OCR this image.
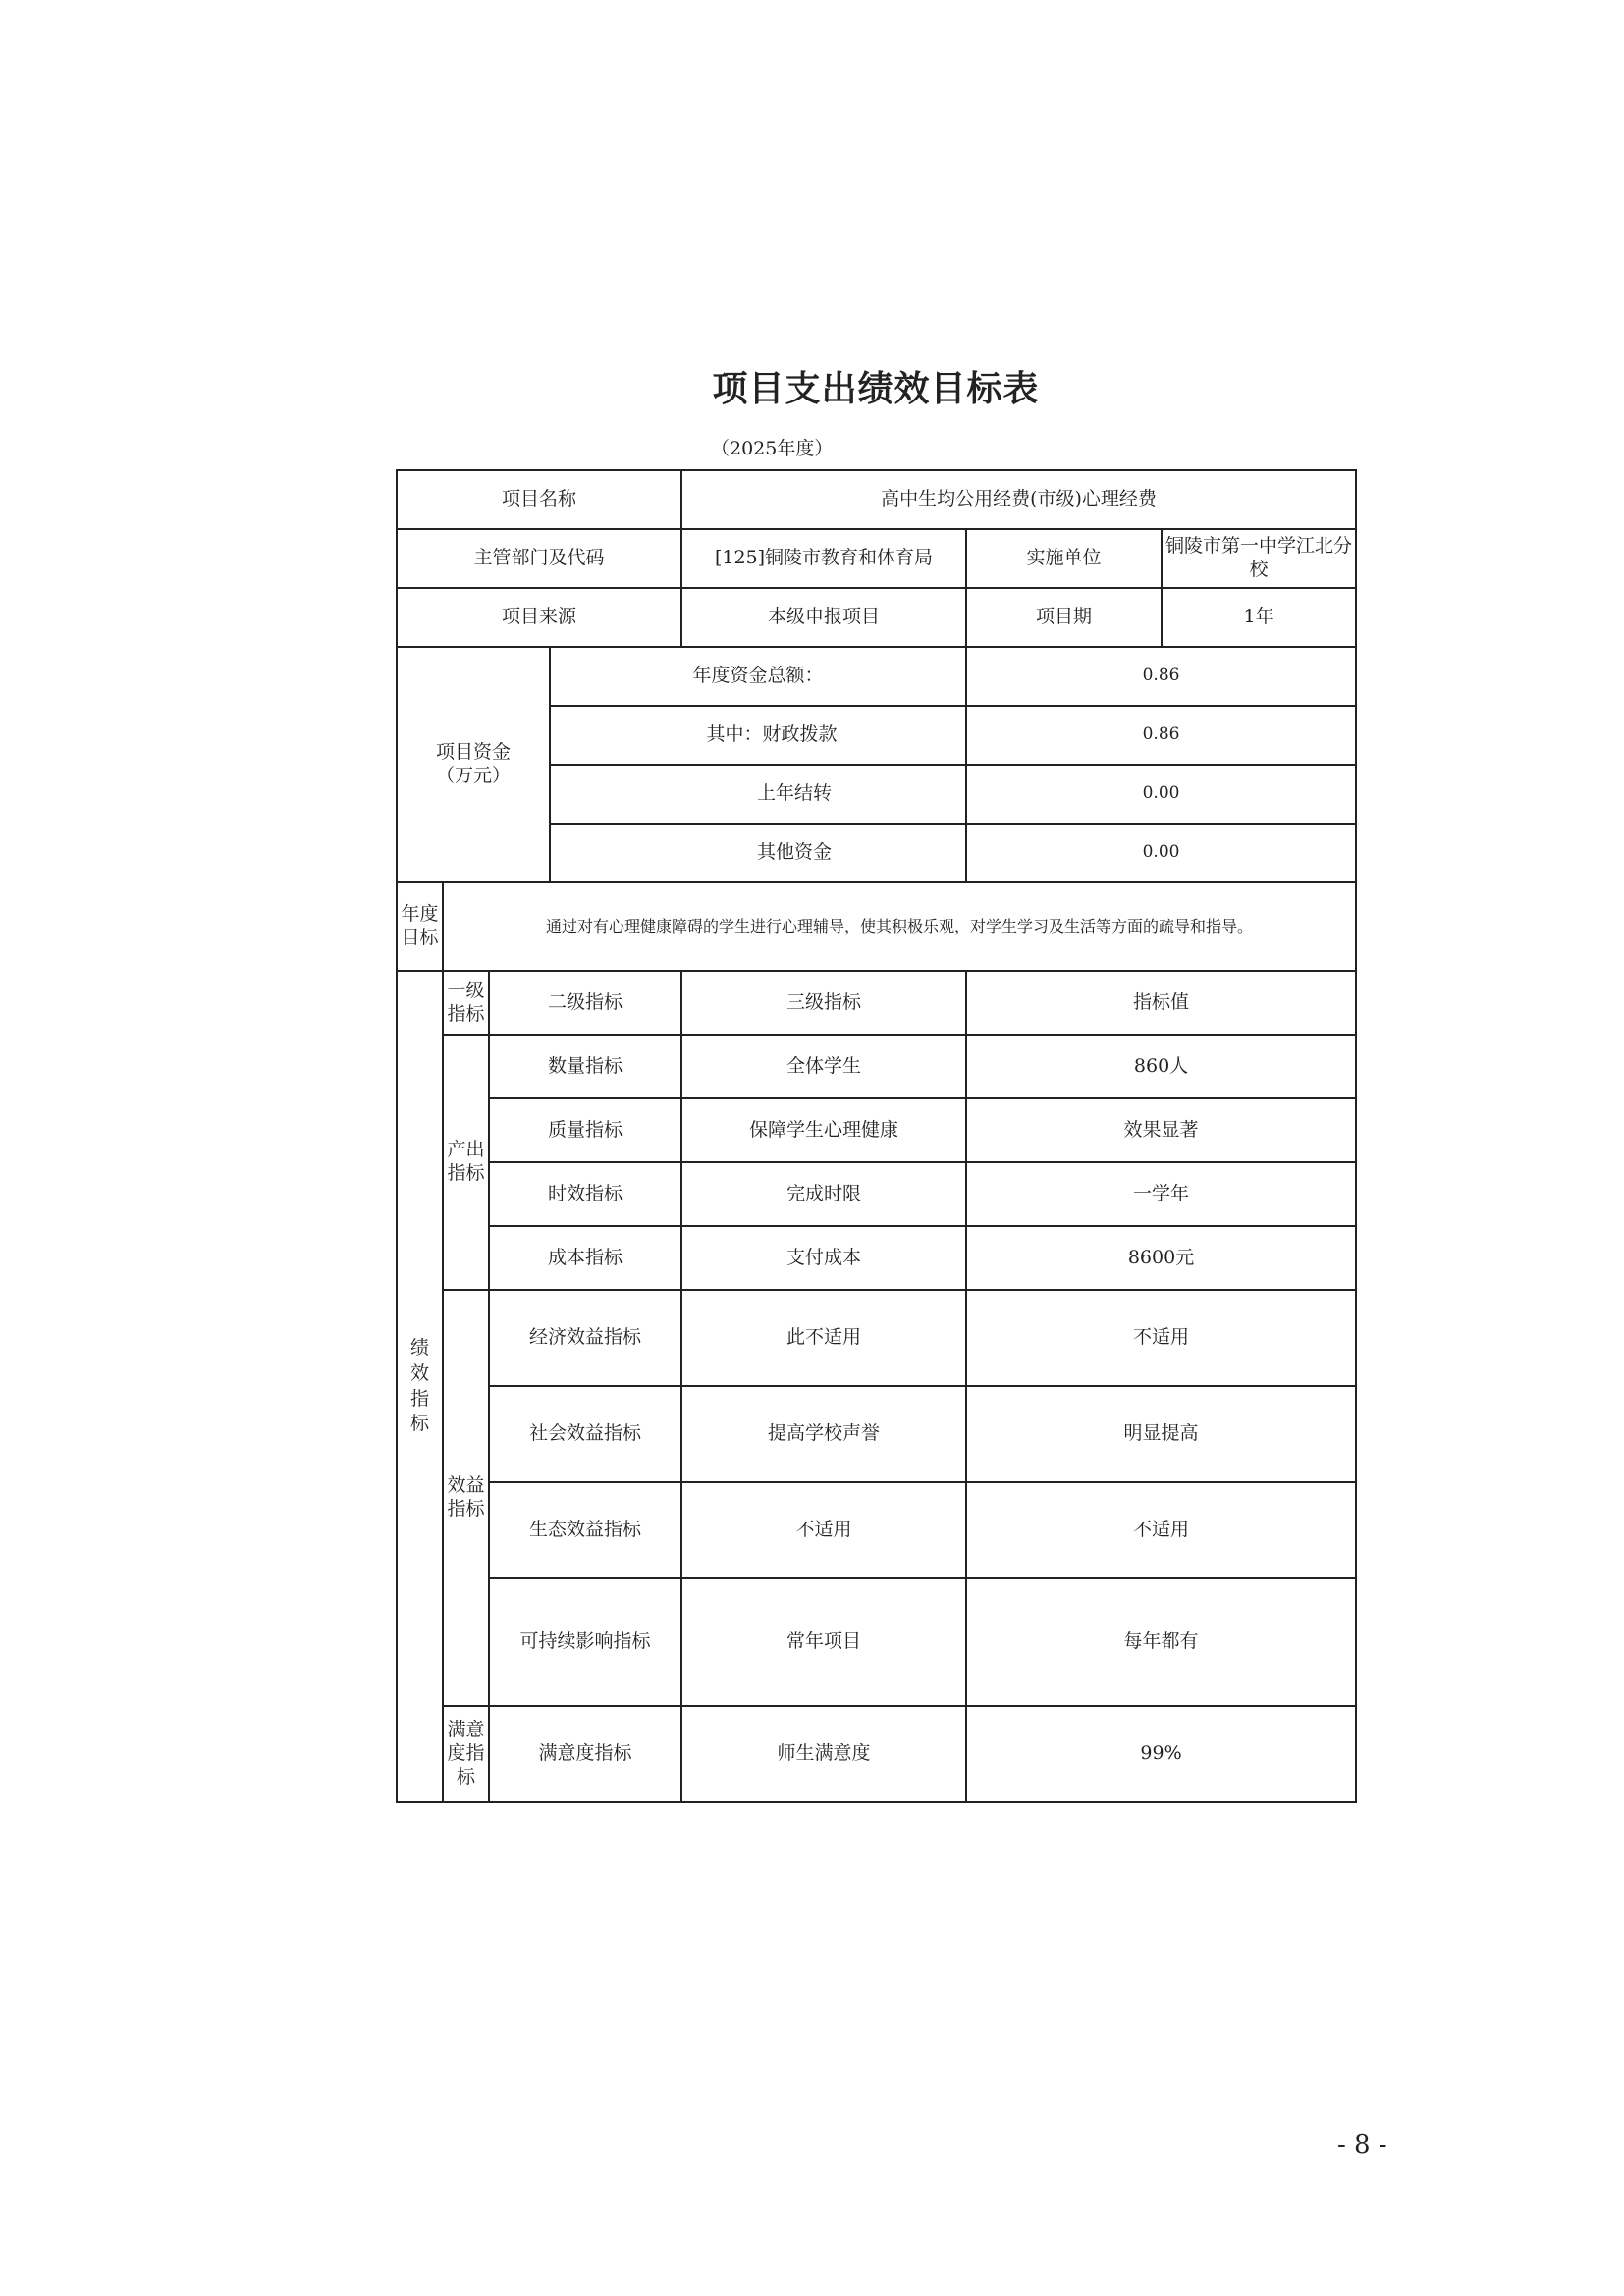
项目支出绩效目标表
（2025年度）
项目名称				高中生均公用经费(市级)心理经费		
主管部门及代码				[125]铜陵市教育和体育局	实施单位	铜陵市第一中学江北分校
项目来源				本级申报项目	项目期	1年
项目资金（万元）			年度资金总额：		0.86	
			其中：财政拨款		0.86	
			上年结转		0.00	
			其他资金		0.00	
年度目标	通过对有心理健康障碍的学生进行心理辅导，使其积极乐观，对学生学习及生活等方面的疏导和指导。					
绩效指标	一级指标	二级指标		三级指标	指标值	
	产出指标	数量指标		全体学生	860人	
		质量指标		保障学生心理健康	效果显著	
		时效指标		完成时限	一学年	
		成本指标		支付成本	8600元	
	效益指标	经济效益指标		此不适用	不适用	
		社会效益指标		提高学校声誉	明显提高	
		生态效益指标		不适用	不适用	
		可持续影响指标		常年项目	每年都有	
	满意度指标	满意度指标		师生满意度	99%	
- 8 -
